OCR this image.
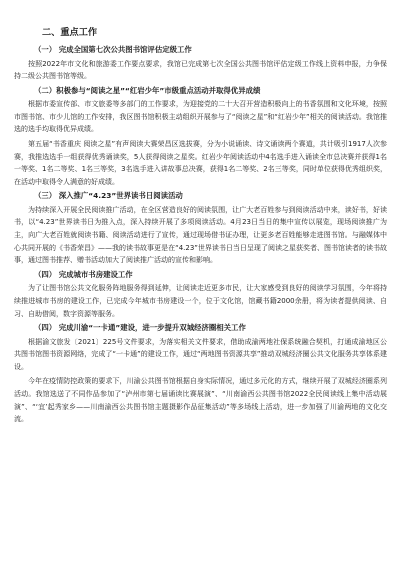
二、重点工作
（一） 完成全国第七次公共图书馆评估定级工作

按照2022年市文化和旅游委工作要点要求，我馆已完成第七次全国公共图书馆评估定级工作线上资料申报，力争保持二级公共图书馆等级。

（二）积极参与“阅读之星”“红岩少年”市级重点活动并取得优异成绩

根据市委宣传部、市文旅委等多部门的工作要求，为迎接党的二十大召开营造积极向上的书香氛围和文化环境，按照市图书馆、市少儿馆的工作安排，我区图书馆积极主动组织开展参与了“阅读之星”和“红岩少年”相关的阅读活动。我馆推选的选手均取得优异成绩。

第五届“书香重庆 阅读之星”有声阅读大赛荣昌区选拔赛，分为小说诵读、诗文诵读两个赛道，共计吸引1917人次参赛，我推选选手一组获得优秀诵读奖，5人获得阅读之星奖。红岩少年阅读活动中4名选手进入诵读全市总决赛并获得1名一等奖、1名二等奖、1名三等奖，3名选手进入讲故事总决赛，获得1名二等奖、2名三等奖，同时单位获得优秀组织奖，在活动中取得令人满意的好成绩。

（三） 深入推广“4.23”世界读书日阅读活动

为持续深入开展全民阅读推广活动，在全区营造良好的阅读氛围，让广大老百姓参与到阅读活动中来，读好书，好读书，以“4.23”世界读书日为推入点，深入持续开展了多项阅读活动。4月23日当日的集中宣传以展览，现场阅读推广为主，向广大老百姓就阅读书籍、阅读活动进行了宣传，通过现场借书证办理，让更多老百姓能够走进图书馆。与融媒体中心共同开展的《书香荣昌》——我的读书故事更是在“4.23”世界读书日当日呈现了阅读之星获奖者、图书馆读者的读书故事，通过图书推荐、赠书活动加大了阅读推广活动的宣传和影响。

（四） 完成城市书房建设工作

为了让图书馆公共文化服务阵地服务得到延伸，让阅读走近更多市民，让大家感受到良好的阅读学习氛围，今年将持续推进城市书房的建设工作，已完成今年城市书房建设一个，位于文化馆，馆藏书籍2000余册，将为读者提供阅读、自习、自助借阅，数字资源等服务。

（四） 完成川渝“一卡通”建设，进一步提升双城经济圈相关工作

根据渝文旅发〔2021〕225号文件要求，为落实相关文件要求，借助成渝两地社保系统融合契机，打通成渝地区公共图书馆图书资源网络，完成了“一卡通”的建设工作，通过“两地图书资源共享”推动双城经济圈公共文化服务共享体系建设。

今年在疫情防控政策的要求下，川渝公共图书馆根据自身实际情况，通过多元化的方式，继续开展了双城经济圈系列活动。我馆选送了不同作品参加了“泸州市第七届诵读比赛展演”、“川南渝西公共图书馆2022全民阅读线上集中活动展演”、“‘宜’起秀家乡——川南渝西公共图书馆主题摄影作品征集活动”等多场线上活动，进一步加强了川渝两地的文化交流。
